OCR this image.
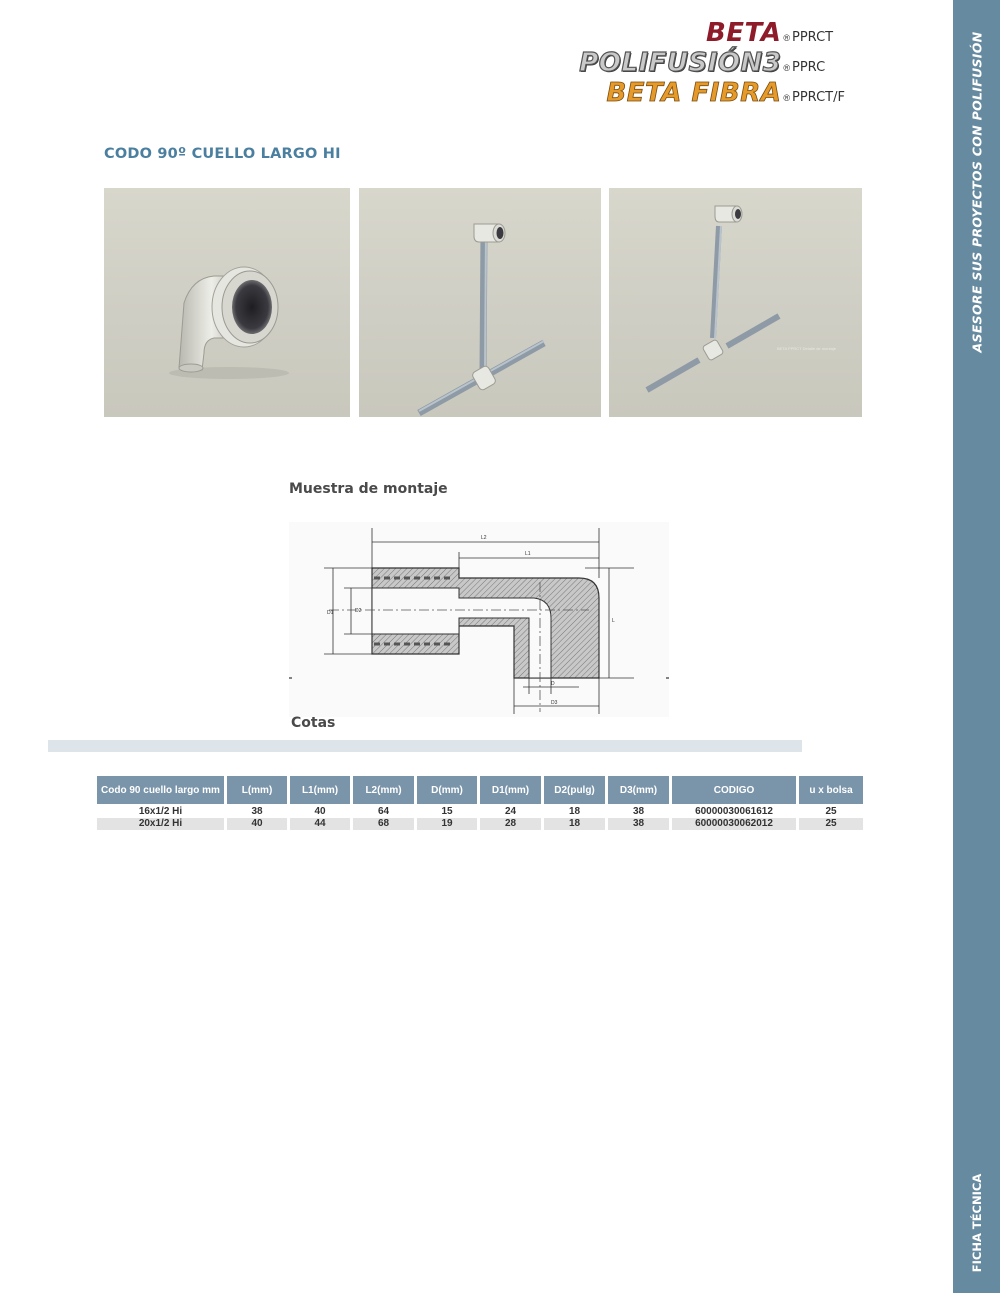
BETA ® PPRCT
POLIFUSIÓN3 ® PPRC
BETA FIBRA ® PPRCT/F
CODO 90º CUELLO LARGO HI
BETA PPRCT Detalle de montaje
Muestra de montaje
L2
L1
L
D1	D2
D
D3
Cotas
Codo 90 cuello largo mm	L(mm)	L1(mm)	L2(mm)	D(mm)	D1(mm)	D2(pulg)	D3(mm)	CODIGO	u x bolsa
16x1/2 Hi	38	40	64	15	24	18	38	60000030061612	25
20x1/2 Hi	40	44	68	19	28	18	38	60000030062012	25
ASESORE SUS PROYECTOS CON POLIFUSIÓN
FICHA TÉCNICA
